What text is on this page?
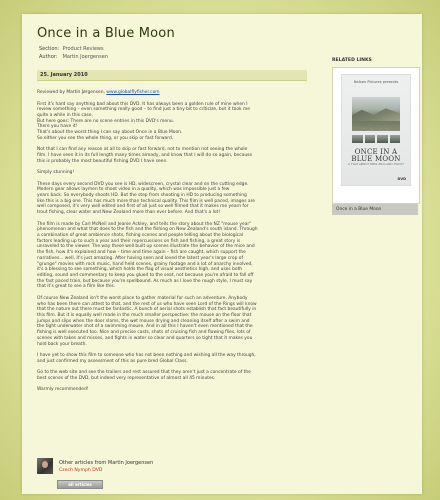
Once in a Blue Moon
Section: Product Reviews
Author: Martin Joergensen
25. January 2010

Reviewed by Martin Jørgensen, www.globalflyfisher.com

First it's hard say anything bad about this DVD. It has always been a golden rule of mine when I
review something – even something really good – to find just a tiny bit to criticize, but it took me
quite a while in this case.
But here goes: There are no scene entries in this DVD's menu.
There you have it!
That's about the worst thing I can say about Once in a Blue Moon.
So either you see the whole thing, or you skip or fast forward.

Not that I can find any reason at all to skip or fast forward, not to mention not seeing the whole
film. I have seen it in its full length many times already, and know that I will do so again, because
this is probably the most beautiful fishing DVD I have seen.

Simply stunning!

These days every second DVD you see is HD, widescreen, crystal clear and on the cutting edge.
Modern gear allows laymen to shoot video in a quality, which was impossible just a few
years back. So everybody shoots HD. But the step from shooting in HD to producing something
like this is a big one. This has much more than technical quality. This film is well paced, images are
well composed, it's very well edited and first of all just so well filmed that it makes me yearn for
trout fishing, clear water and New Zealand more than ever before. And that's a lot!

The film is made by Carl McNeil and Jeanie Ackley, and tells the story about the NZ "mouse year"
phenomenon and what that does to the fish and the fishing on New Zealand's south island. Through
a combination of great ambience shots, fishing scenes and people telling about the biological
factors leading up to such a year and their repercussions on fish and fishing, a great story is
unraveled to the viewer. The way these well built up scenes illustrate the behavior of the mice and
the fish, how it's explained and how – time and time again – fish are caught, which support the
narratives... well, it's just amazing. After having seen and loved the latest year's large crop of
"grunge" movies with rock music, hand held scenes, grainy footage and a lot of anarchy involved,
it's a blessing to see something, which holds the flag of visual aesthetics high, and uses both
editing, sound and commentary to keep you glued to the seat, not because you're afraid to fall off
the fast paced train, but because you're spellbound. As much as I love the rough style, I must say
that it's great to see a film like this.

Of course New Zealand isn't the worst place to gather material for such an adventure. Anybody
who has been there can attest to that, and the rest of us who have seen Lord of the Rings will know
that the nature out there must be fantastic. A bunch of aerial shots establish that fact beautifully in
this film. But it is equally well made in the much smaller perspective: the mouse on the floor that
jumps and slips when the door slams, the wet mouse drying and cleaning itself after a swim and
the tight underwater shot of a swimming mouse. And in all this I haven't even mentioned that the
fishing is well executed too. Nice and precise casts, shots of cruising fish and flowing flies, lots of
scenes with takes and misses, and fights in water so clear and quarters so tight that it makes you
hold back your breath.

I have yet to show this film to someone who has not been nothing and wishing all the way through,
and just confirmed my assessment of this as pure bred Global Class.

Go to the web site and see the trailers and rest assured that they aren't just a concentrate of the
best scenes of the DVD, but indeed very representative of almost all 45 minutes.

Warmly recommended!

RELATED LINKS
Nafsen Pictures presents
ONCE IN A
BLUE MOON
A FILM ABOUT NEW ZEALAND TROUT
DVD
Once in a Blue Moon
Other articles from Martin Joergensen
Czech Nymph DVD
all articles
